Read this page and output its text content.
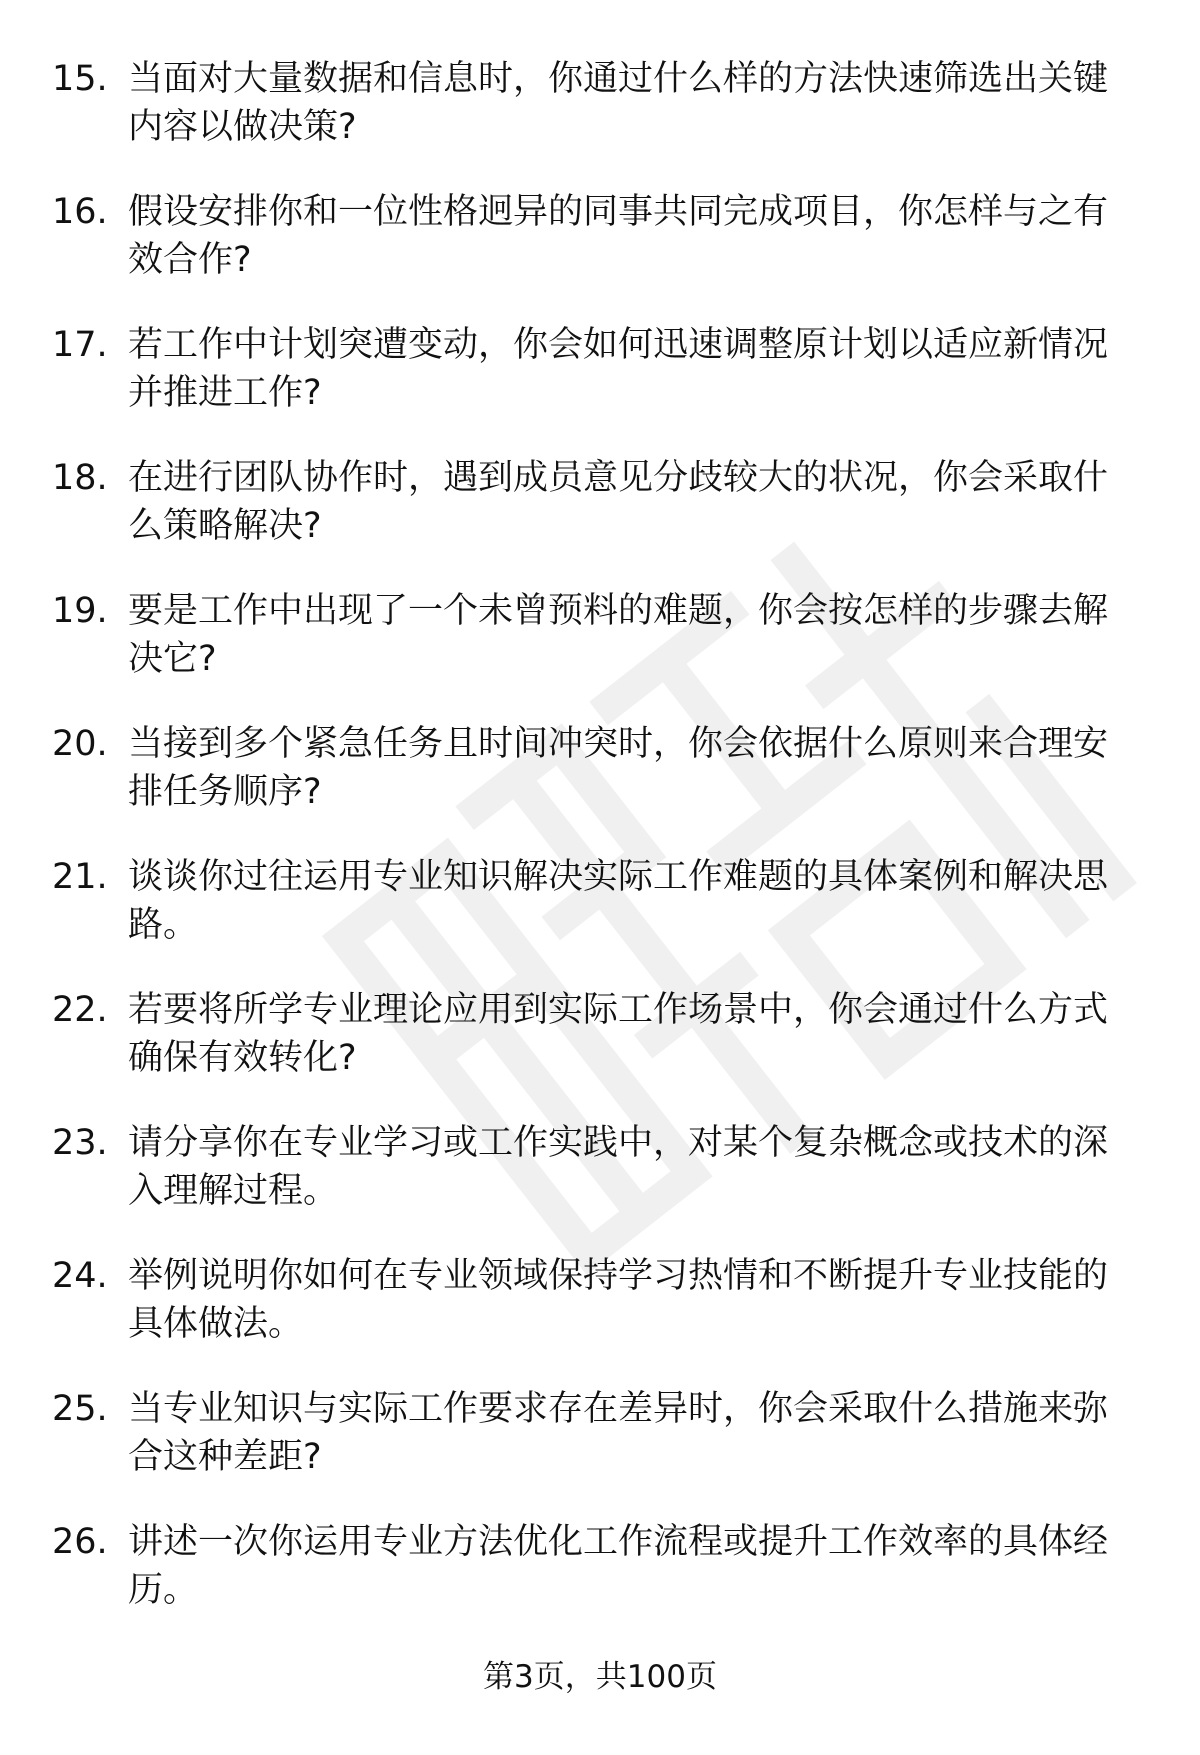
15. 当面对大量数据和信息时，你通过什么样的方法快速筛选出关键内容以做决策?
16. 假设安排你和一位性格迥异的同事共同完成项目，你怎样与之有效合作?
17. 若工作中计划突遭变动，你会如何迅速调整原计划以适应新情况并推进工作?
18. 在进行团队协作时，遇到成员意见分歧较大的状况，你会采取什么策略解决?
19. 要是工作中出现了一个未曾预料的难题，你会按怎样的步骤去解决它?
20. 当接到多个紧急任务且时间冲突时，你会依据什么原则来合理安排任务顺序?
21. 谈谈你过往运用专业知识解决实际工作难题的具体案例和解决思路。
22. 若要将所学专业理论应用到实际工作场景中，你会通过什么方式确保有效转化?
23. 请分享你在专业学习或工作实践中，对某个复杂概念或技术的深入理解过程。
24. 举例说明你如何在专业领域保持学习热情和不断提升专业技能的具体做法。
25. 当专业知识与实际工作要求存在差异时，你会采取什么措施来弥合这种差距?
26. 讲述一次你运用专业方法优化工作流程或提升工作效率的具体经历。
第3页，共100页
